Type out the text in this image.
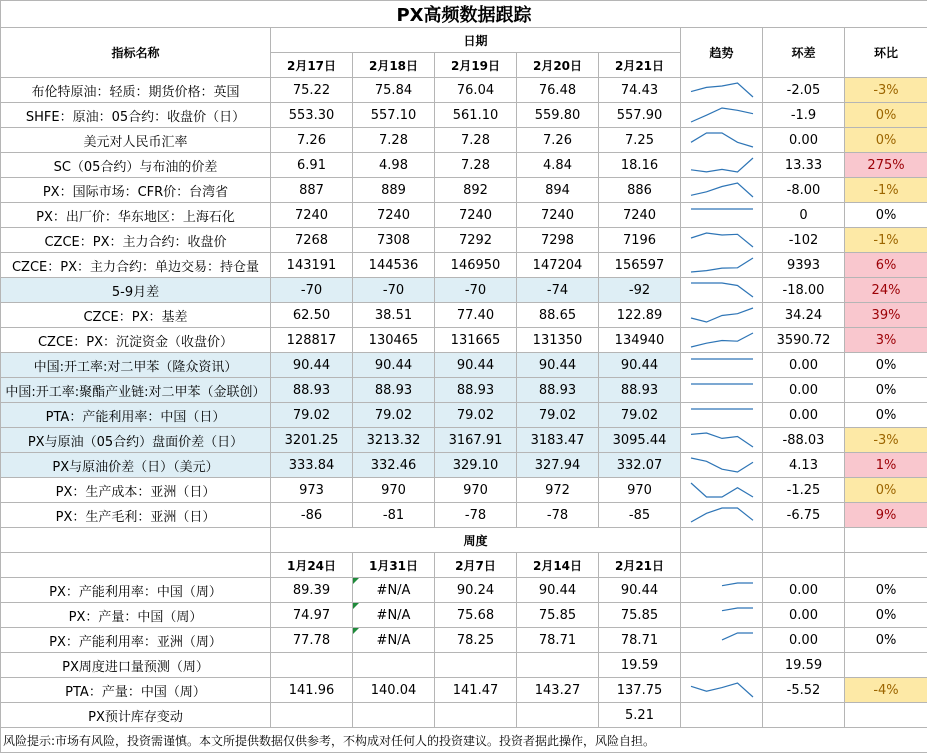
PX高频数据跟踪								
指标名称	日期					趋势	环差	环比
	2月17日	2月18日	2月19日	2月20日	2月21日			
布伦特原油：轻质：期货价格：英国	75.22	75.84	76.04	76.48	74.43		-2.05	-3%
SHFE：原油：05合约：收盘价（日）	553.30	557.10	561.10	559.80	557.90		-1.9	0%
美元对人民币汇率	7.26	7.28	7.28	7.26	7.25		0.00	0%
SC（05合约）与布油的价差	6.91	4.98	7.28	4.84	18.16		13.33	275%
PX：国际市场：CFR价：台湾省	887	889	892	894	886		-8.00	-1%
PX：出厂价：华东地区：上海石化	7240	7240	7240	7240	7240		0	0%
CZCE：PX：主力合约：收盘价	7268	7308	7292	7298	7196		-102	-1%
CZCE：PX：主力合约：单边交易：持仓量	143191	144536	146950	147204	156597		9393	6%
5-9月差	-70	-70	-70	-74	-92		-18.00	24%
CZCE：PX：基差	62.50	38.51	77.40	88.65	122.89		34.24	39%
CZCE：PX：沉淀资金（收盘价）	128817	130465	131665	131350	134940		3590.72	3%
中国:开工率:对二甲苯（隆众资讯）	90.44	90.44	90.44	90.44	90.44		0.00	0%
中国:开工率:聚酯产业链:对二甲苯（金联创）	88.93	88.93	88.93	88.93	88.93		0.00	0%
PTA：产能利用率：中国（日）	79.02	79.02	79.02	79.02	79.02		0.00	0%
PX与原油（05合约）盘面价差（日）	3201.25	3213.32	3167.91	3183.47	3095.44		-88.03	-3%
PX与原油价差（日）（美元）	333.84	332.46	329.10	327.94	332.07		4.13	1%
PX：生产成本：亚洲（日）	973	970	970	972	970		-1.25	0%
PX：生产毛利：亚洲（日）	-86	-81	-78	-78	-85		-6.75	9%
	周度							
	1月24日	1月31日	2月7日	2月14日	2月21日			
PX：产能利用率：中国（周）	89.39	#N/A	90.24	90.44	90.44		0.00	0%
PX：产量：中国（周）	74.97	#N/A	75.68	75.85	75.85		0.00	0%
PX：产能利用率：亚洲（周）	77.78	#N/A	78.25	78.71	78.71		0.00	0%
PX周度进口量预测（周）					19.59		19.59	
PTA：产量：中国（周）	141.96	140.04	141.47	143.27	137.75		-5.52	-4%
PX预计库存变动					5.21			
风险提示:市场有风险，投资需谨慎。本文所提供数据仅供参考，不构成对任何人的投资建议。投资者据此操作，风险自担。								
